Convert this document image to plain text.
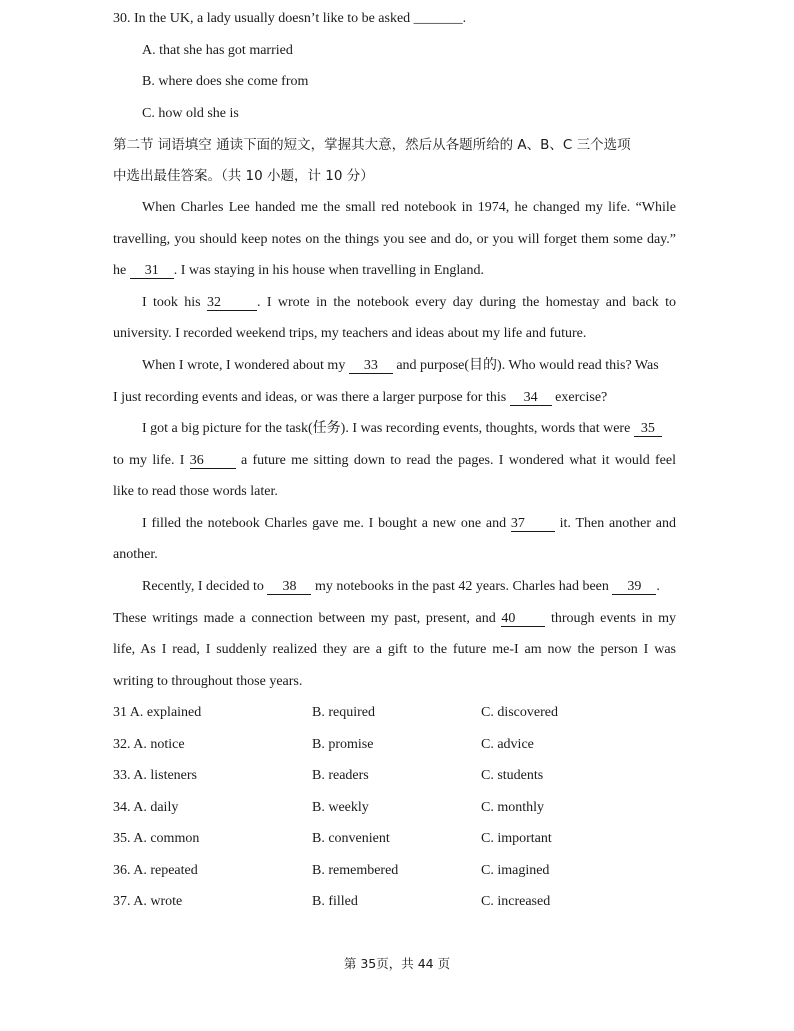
30. In the UK, a lady usually doesn’t like to be asked _______.
A. that she has got married
B. where does she come from
C. how old she is
第二节 词语填空 通读下面的短文，掌握其大意，然后从各题所给的 A、B、C 三个选项
中选出最佳答案。（共 10 小题，计 10 分）
When Charles Lee handed me the small red notebook in 1974, he changed my life. “While
travelling, you should keep notes on the things you see and do, or you will forget them some day.”
he 31 . I was staying in his house when travelling in England.
I took his 32	. I wrote in the notebook every day during the homestay and back to
university. I recorded weekend trips, my teachers and ideas about my life and future.
When I wrote, I wondered about my 33 and purpose(目的). Who would read this? Was
I just recording events and ideas, or was there a larger purpose for this 34 exercise?
I got a big picture for the task(任务). I was recording events, thoughts, words that were 35
to my life. I 36 a future me sitting down to read the pages. I wondered what it would feel
like to read those words later.
I filled the notebook Charles gave me. I bought a new one and 37 it. Then another and
another.
Recently, I decided to 38 my notebooks in the past 42 years. Charles had been 39 .
These writings made a connection between my past, present, and 40 through events in my
life, As I read, I suddenly realized they are a gift to the future me-I am now the person I was
writing to throughout those years.
31 A. explained	B. required	C. discovered
32. A. notice	B. promise	C. advice
33. A. listeners	B. readers	C. students
34. A. daily	B. weekly	C. monthly
35. A. common	B. convenient	C. important
36. A. repeated	B. remembered	C. imagined
37. A. wrote	B. filled	C. increased
第 35页，共 44 页
